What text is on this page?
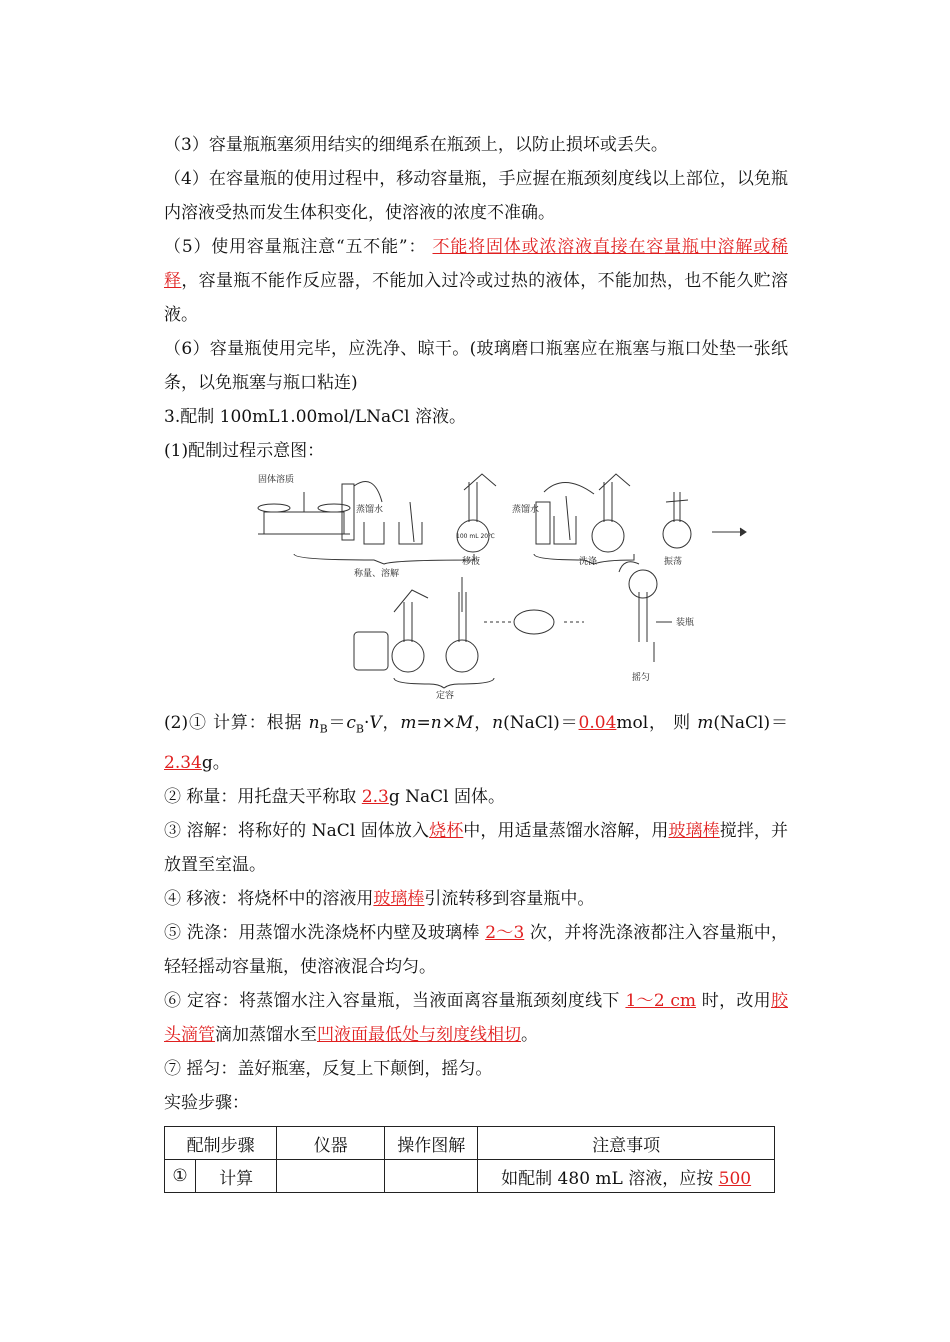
（3）容量瓶瓶塞须用结实的细绳系在瓶颈上，以防止损坏或丢失。

（4）在容量瓶的使用过程中，移动容量瓶，手应握在瓶颈刻度线以上部位，以免瓶内溶液受热而发生体积变化，使溶液的浓度不准确。

（5）使用容量瓶注意“五不能”： 不能将固体或浓溶液直接在容量瓶中溶解或稀释，容量瓶不能作反应器，不能加入过冷或过热的液体，不能加热，也不能久贮溶液。

（6）容量瓶使用完毕，应洗净、晾干。(玻璃磨口瓶塞应在瓶塞与瓶口处垫一张纸条，以免瓶塞与瓶口粘连)

3.配制 100mL1.00mol/LNaCl 溶液。

(1)配制过程示意图：

固体溶质
蒸馏水	蒸馏水
100 mL 20℃
称量、溶解
移液	洗涤	振荡
定容
摇匀
装瓶

(2)① 计算：根据 $n_B=c_B\cdot V$，m=n×M，n(NaCl)＝0.04mol， 则 m(NaCl)＝2.34g。

② 称量：用托盘天平称取 2.3g NaCl 固体。

③ 溶解：将称好的 NaCl 固体放入烧杯中，用适量蒸馏水溶解，用玻璃棒搅拌，并放置至室温。

④ 移液：将烧杯中的溶液用玻璃棒引流转移到容量瓶中。

⑤ 洗涤：用蒸馏水洗涤烧杯内壁及玻璃棒 2～3 次，并将洗涤液都注入容量瓶中，轻轻摇动容量瓶，使溶液混合均匀。

⑥ 定容：将蒸馏水注入容量瓶，当液面离容量瓶颈刻度线下 1～2 cm 时，改用胶头滴管滴加蒸馏水至凹液面最低处与刻度线相切。

⑦ 摇匀：盖好瓶塞，反复上下颠倒，摇匀。

实验步骤：

配制步骤		仪器	操作图解	注意事项
①	计算			如配制 480 mL 溶液，应按 500
